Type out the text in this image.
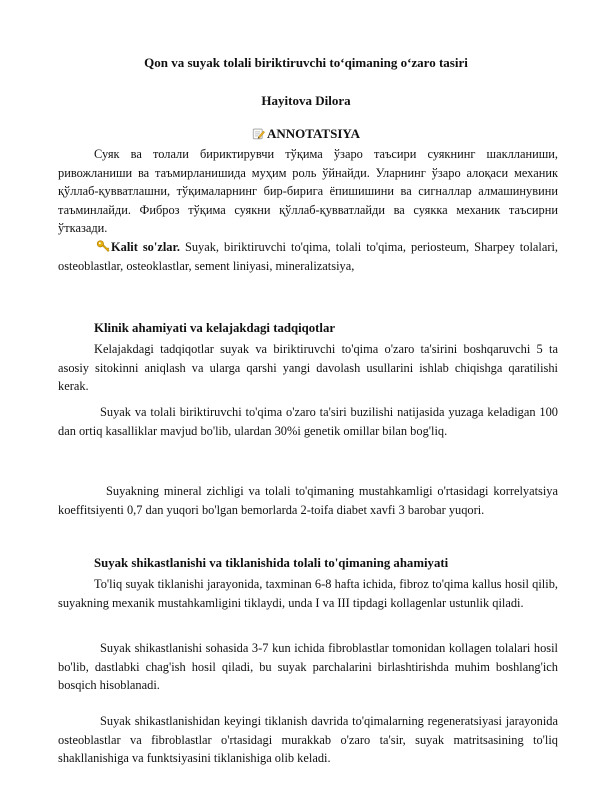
Qon va suyak tolali biriktiruvchi to‘qimaning o‘zaro tasiri
Hayitova Dilora
ANNOTATSIYA

Суяк ва толали бириктирувчи тўқима ўзаро таъсири суякнинг шаклланиши, ривожланиши ва таъмирланишида муҳим роль ўйнайди. Уларнинг ўзаро алоқаси механик қўллаб-қувватлашни, тўқималарнинг бир-бирига ёпишишини ва сигналлар алмашинувини таъминлайди. Фиброз тўқима суякни қўллаб-қувватлайди ва суякка механик таъсирни ўтказади.

Kalit so'zlar. Suyak, biriktiruvchi to'qima, tolali to'qima, periosteum, Sharpey tolalari, osteoblastlar, osteoklastlar, sement liniyasi, mineralizatsiya,

Klinik ahamiyati va kelajakdagi tadqiqotlar

Kelajakdagi tadqiqotlar suyak va biriktiruvchi to'qima o'zaro ta'sirini boshqaruvchi 5 ta asosiy sitokinni aniqlash va ularga qarshi yangi davolash usullarini ishlab chiqishga qaratilishi kerak.

Suyak va tolali biriktiruvchi to'qima o'zaro ta'siri buzilishi natijasida yuzaga keladigan 100 dan ortiq kasalliklar mavjud bo'lib, ulardan 30%i genetik omillar bilan bog'liq.

Suyakning mineral zichligi va tolali to'qimaning mustahkamligi o'rtasidagi korrelyatsiya koeffitsiyenti 0,7 dan yuqori bo'lgan bemorlarda 2-toifa diabet xavfi 3 barobar yuqori.

Suyak shikastlanishi va tiklanishida tolali to'qimaning ahamiyati

To'liq suyak tiklanishi jarayonida, taxminan 6-8 hafta ichida, fibroz to'qima kallus hosil qilib, suyakning mexanik mustahkamligini tiklaydi, unda I va III tipdagi kollagenlar ustunlik qiladi.

Suyak shikastlanishi sohasida 3-7 kun ichida fibroblastlar tomonidan kollagen tolalari hosil bo'lib, dastlabki chag'ish hosil qiladi, bu suyak parchalarini birlashtirishda muhim boshlang'ich bosqich hisoblanadi.

Suyak shikastlanishidan keyingi tiklanish davrida to'qimalarning regeneratsiyasi jarayonida osteoblastlar va fibroblastlar o'rtasidagi murakkab o'zaro ta'sir, suyak matritsasining to'liq shakllanishiga va funktsiyasini tiklanishiga olib keladi.
